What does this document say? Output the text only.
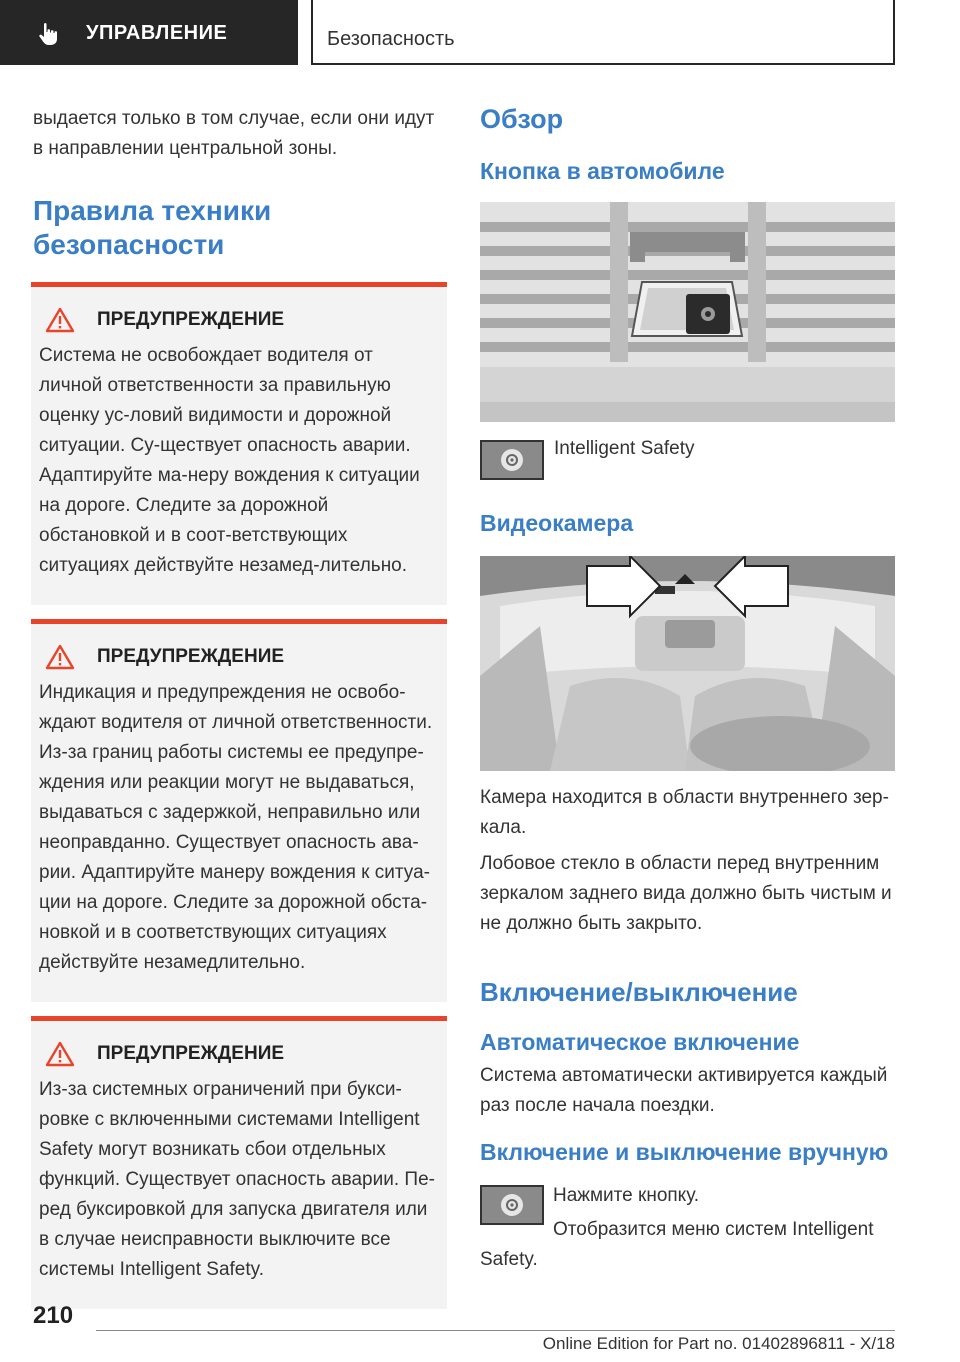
УПРАВЛЕНИЕ	Безопасность

выдается только в том случае, если они идут в направлении центральной зоны.

Правила техники безопасности
ПРЕДУПРЕЖДЕНИЕ

Система не освобождает водителя от личной ответственности за правильную оценку ус-ловий видимости и дорожной ситуации. Су-ществует опасность аварии. Адаптируйте ма-неру вождения к ситуации на дороге. Следите за дорожной обстановкой и в соот-ветствующих ситуациях действуйте незамед-лительно.

ПРЕДУПРЕЖДЕНИЕ

Индикация и предупреждения не освобо-ждают водителя от личной ответственности. Из-за границ работы системы ее предупре-ждения или реакции могут не выдаваться, выдаваться с задержкой, неправильно или неоправданно. Существует опасность ава-рии. Адаптируйте манеру вождения к ситуа-ции на дороге. Следите за дорожной обста-новкой и в соответствующих ситуациях действуйте незамедлительно.

ПРЕДУПРЕЖДЕНИЕ

Из-за системных ограничений при букси-ровке с включенными системами Intelligent Safety могут возникать сбои отдельных функций. Существует опасность аварии. Пе-ред буксировкой для запуска двигателя или в случае неисправности выключите все системы Intelligent Safety.

Обзор
Кнопка в автомобиле
Intelligent Safety
Видеокамера

Камера находится в области внутреннего зер-кала.

Лобовое стекло в области перед внутренним зеркалом заднего вида должно быть чистым и не должно быть закрыто.

Включение/выключение
Автоматическое включение

Система автоматически активируется каждый раз после начала поездки.

Включение и выключение вручную

Нажмите кнопку.

Отобразится меню систем Intelligent Safety.

210
Online Edition for Part no. 01402896811 - X/18
